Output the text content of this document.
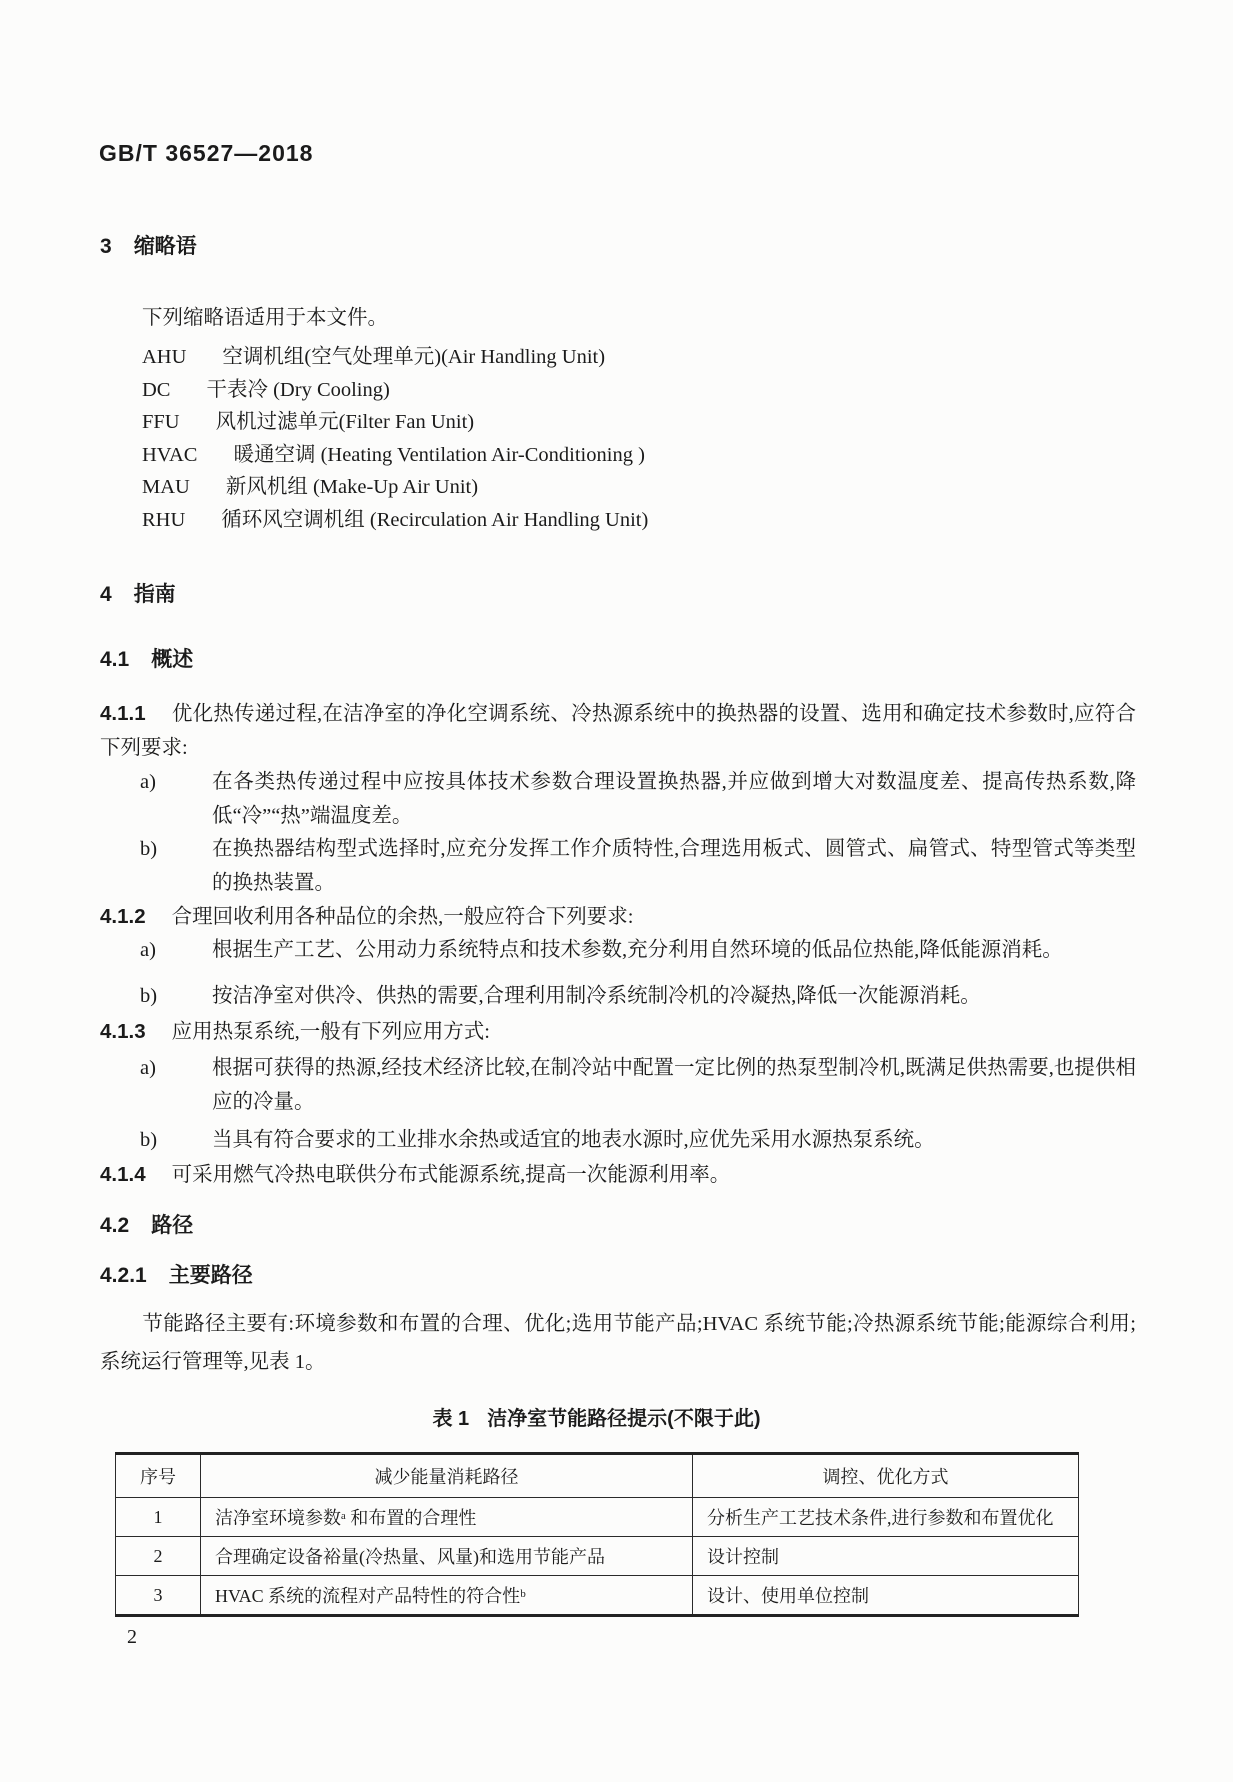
GB/T 36527—2018
3 缩略语
下列缩略语适用于本文件。
AHU 空调机组(空气处理单元)(Air Handling Unit)
DC 干表冷 (Dry Cooling)
FFU 风机过滤单元(Filter Fan Unit)
HVAC 暖通空调 (Heating Ventilation Air-Conditioning )
MAU 新风机组 (Make-Up Air Unit)
RHU 循环风空调机组 (Recirculation Air Handling Unit)
4 指南
4.1 概述
4.1.1 优化热传递过程,在洁净室的净化空调系统、冷热源系统中的换热器的设置、选用和确定技术参数时,应符合下列要求:
a)	在各类热传递过程中应按具体技术参数合理设置换热器,并应做到增大对数温度差、提高传热系数,降低“冷”“热”端温度差。
b)	在换热器结构型式选择时,应充分发挥工作介质特性,合理选用板式、圆管式、扁管式、特型管式等类型的换热装置。
4.1.2 合理回收利用各种品位的余热,一般应符合下列要求:
a)	根据生产工艺、公用动力系统特点和技术参数,充分利用自然环境的低品位热能,降低能源消耗。
b)	按洁净室对供冷、供热的需要,合理利用制冷系统制冷机的冷凝热,降低一次能源消耗。
4.1.3 应用热泵系统,一般有下列应用方式:
a)	根据可获得的热源,经技术经济比较,在制冷站中配置一定比例的热泵型制冷机,既满足供热需要,也提供相应的冷量。
b)	当具有符合要求的工业排水余热或适宜的地表水源时,应优先采用水源热泵系统。
4.1.4 可采用燃气冷热电联供分布式能源系统,提高一次能源利用率。
4.2 路径
4.2.1 主要路径
节能路径主要有:环境参数和布置的合理、优化;选用节能产品;HVAC 系统节能;冷热源系统节能;能源综合利用;系统运行管理等,见表 1。
表 1 洁净室节能路径提示(不限于此)
序号	减少能量消耗路径	调控、优化方式
1	洁净室环境参数ᵃ 和布置的合理性	分析生产工艺技术条件,进行参数和布置优化
2	合理确定设备裕量(冷热量、风量)和选用节能产品	设计控制
3	HVAC 系统的流程对产品特性的符合性ᵇ	设计、使用单位控制
2
